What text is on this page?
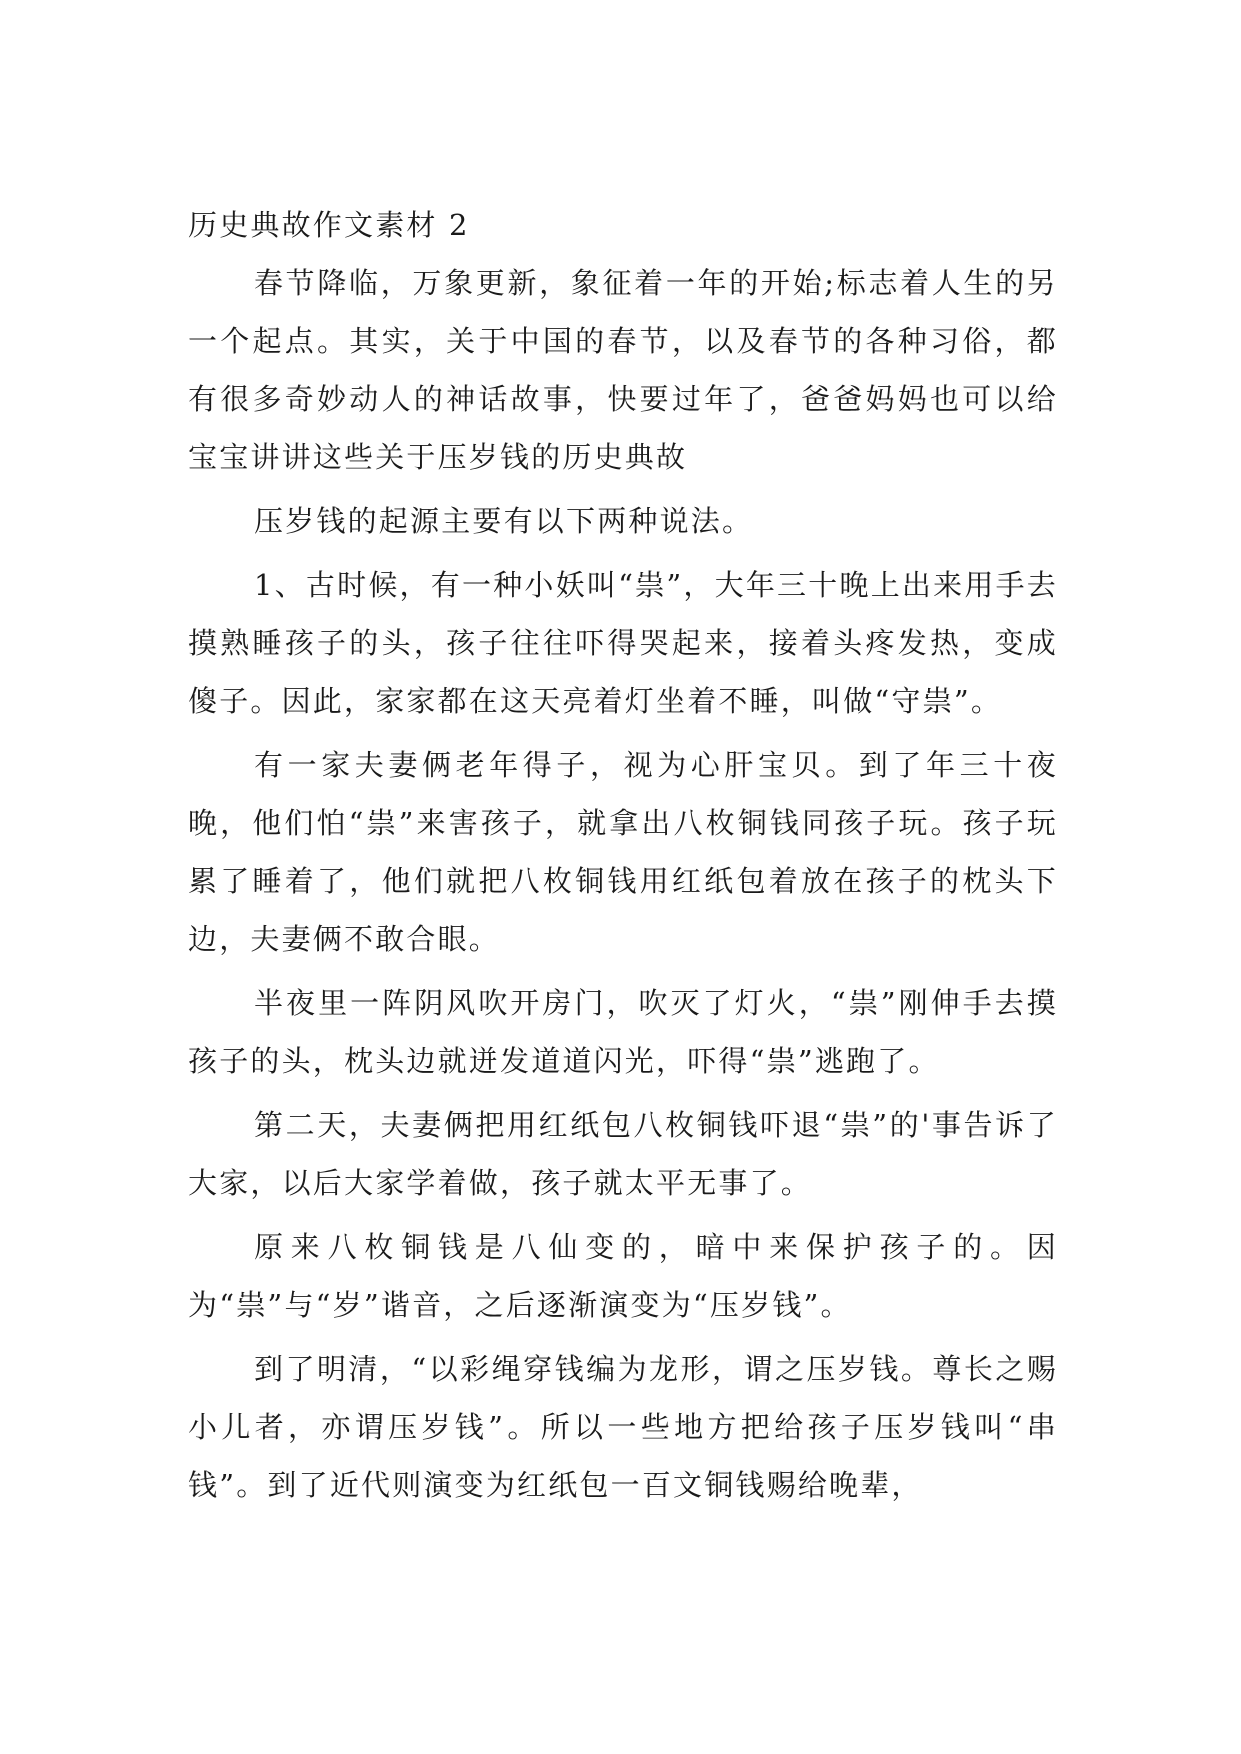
历史典故作文素材 2

春节降临，万象更新，象征着一年的开始;标志着人生的另一个起点。其实，关于中国的春节，以及春节的各种习俗，都有很多奇妙动人的神话故事，快要过年了，爸爸妈妈也可以给宝宝讲讲这些关于压岁钱的历史典故

压岁钱的起源主要有以下两种说法。

1、古时候，有一种小妖叫“祟”，大年三十晚上出来用手去摸熟睡孩子的头，孩子往往吓得哭起来，接着头疼发热，变成傻子。因此，家家都在这天亮着灯坐着不睡，叫做“守祟”。

有一家夫妻俩老年得子，视为心肝宝贝。到了年三十夜晚，他们怕“祟”来害孩子，就拿出八枚铜钱同孩子玩。孩子玩累了睡着了，他们就把八枚铜钱用红纸包着放在孩子的枕头下边，夫妻俩不敢合眼。

半夜里一阵阴风吹开房门，吹灭了灯火，“祟”刚伸手去摸孩子的头，枕头边就迸发道道闪光，吓得“祟”逃跑了。

第二天，夫妻俩把用红纸包八枚铜钱吓退“祟”的'事告诉了大家，以后大家学着做，孩子就太平无事了。

原来八枚铜钱是八仙变的，暗中来保护孩子的。因为“祟”与“岁”谐音，之后逐渐演变为“压岁钱”。

到了明清，“以彩绳穿钱编为龙形，谓之压岁钱。尊长之赐小儿者，亦谓压岁钱”。所以一些地方把给孩子压岁钱叫“串钱”。到了近代则演变为红纸包一百文铜钱赐给晚辈，
